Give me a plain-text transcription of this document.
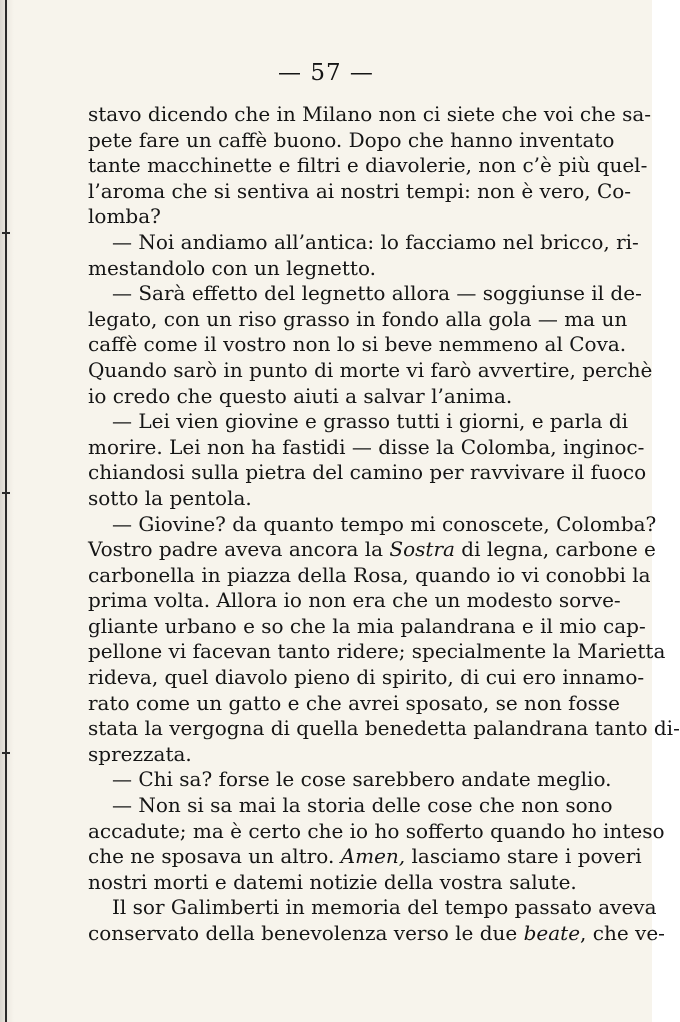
— 57 —
stavo dicendo che in Milano non ci siete che voi che sa-
pete fare un caffè buono. Dopo che hanno inventato
tante macchinette e filtri e diavolerie, non c’è più quel-
l’aroma che si sentiva ai nostri tempi: non è vero, Co-
lomba?
— Noi andiamo all’antica: lo facciamo nel bricco, ri-
mestandolo con un legnetto.
— Sarà effetto del legnetto allora — soggiunse il de-
legato, con un riso grasso in fondo alla gola — ma un
caffè come il vostro non lo si beve nemmeno al Cova.
Quando sarò in punto di morte vi farò avvertire, perchè
io credo che questo aiuti a salvar l’anima.
— Lei vien giovine e grasso tutti i giorni, e parla di
morire. Lei non ha fastidi — disse la Colomba, inginoc-
chiandosi sulla pietra del camino per ravvivare il fuoco
sotto la pentola.
— Giovine? da quanto tempo mi conoscete, Colomba?
Vostro padre aveva ancora la Sostra di legna, carbone e
carbonella in piazza della Rosa, quando io vi conobbi la
prima volta. Allora io non era che un modesto sorve-
gliante urbano e so che la mia palandrana e il mio cap-
pellone vi facevan tanto ridere; specialmente la Marietta
rideva, quel diavolo pieno di spirito, di cui ero innamo-
rato come un gatto e che avrei sposato, se non fosse
stata la vergogna di quella benedetta palandrana tanto di-
sprezzata.
— Chi sa? forse le cose sarebbero andate meglio.
— Non si sa mai la storia delle cose che non sono
accadute; ma è certo che io ho sofferto quando ho inteso
che ne sposava un altro. Amen, lasciamo stare i poveri
nostri morti e datemi notizie della vostra salute.
Il sor Galimberti in memoria del tempo passato aveva
conservato della benevolenza verso le due beate, che ve-
